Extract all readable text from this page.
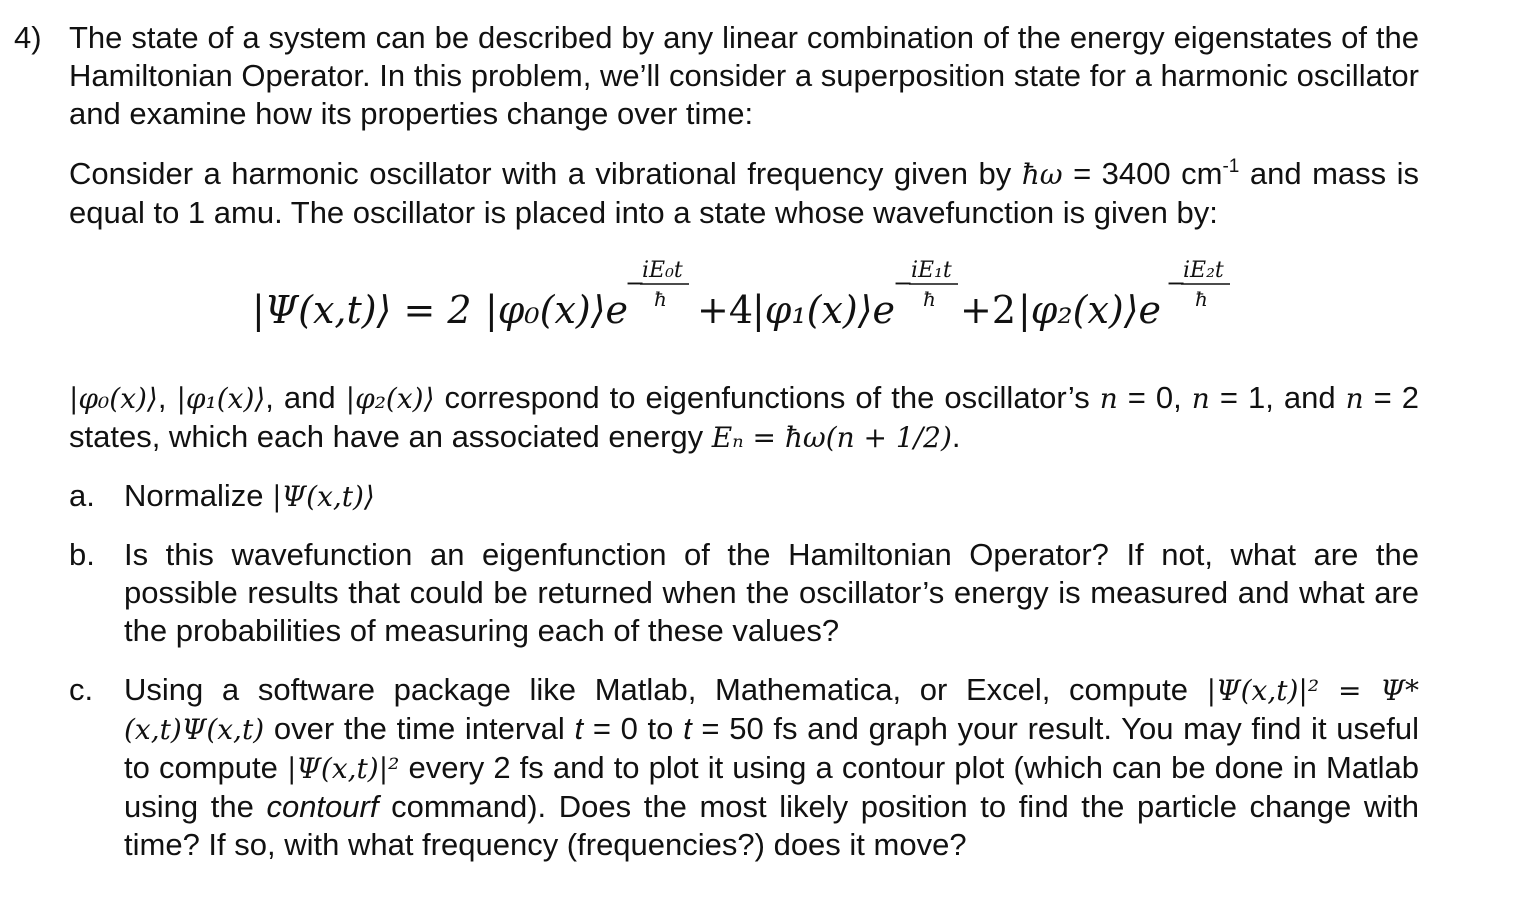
4) The state of a system can be described by any linear combination of the energy eigenstates of the Hamiltonian Operator. In this problem, we’ll consider a superposition state for a harmonic oscillator and examine how its properties change over time:

Consider a harmonic oscillator with a vibrational frequency given by ħω = 3400 $cm^{-1}$ and mass is equal to 1 amu. The oscillator is placed into a state whose wavefunction is given by:

|Ψ(x,t)⟩ = 2 |φ₀(x)⟩e
−
iE₀t
ħ +4
|φ₁(x)⟩e
−
iE₁t
ħ +2 |φ₂(x)⟩e
−
iE₂t
ħ

|φ₀(x)⟩, |φ₁(x)⟩, and |φ₂(x)⟩ correspond to eigenfunctions of the oscillator’s n = 0, n = 1, and n = 2 states, which each have an associated energy Eₙ = ħω(n + 1/2).

a. Normalize |Ψ(x,t)⟩
b. Is this wavefunction an eigenfunction of the Hamiltonian Operator? If not, what are the possible results that could be returned when the oscillator’s energy is measured and what are the probabilities of measuring each of these values?
c. Using a software package like Matlab, Mathematica, or Excel, compute |Ψ(x,t)|² = Ψ*(x,t)Ψ(x,t) over the time interval t = 0 to t = 50 fs and graph your result. You may find it useful to compute |Ψ(x,t)|² every 2 fs and to plot it using a contour plot (which can be done in Matlab using the contourf command). Does the most likely position to find the particle change with time? If so, with what frequency (frequencies?) does it move?
